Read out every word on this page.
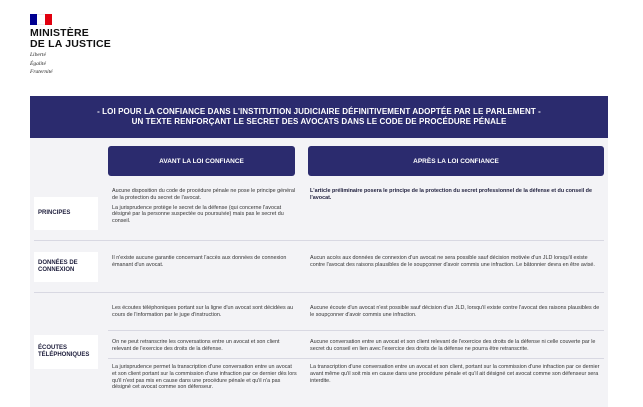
MINISTÈRE
DE LA JUSTICE
Liberté
Égalité
Fraternité
- LOI POUR LA CONFIANCE DANS L'INSTITUTION JUDICIAIRE DÉFINITIVEMENT ADOPTÉE PAR LE PARLEMENT -
UN TEXTE RENFORÇANT LE SECRET DES AVOCATS DANS LE CODE DE PROCÉDURE PÉNALE
AVANT LA LOI CONFIANCE	APRÈS LA LOI CONFIANCE
PRINCIPES

Aucune disposition du code de procédure pénale ne pose le principe général de la protection du secret de l'avocat.

La jurisprudence protège le secret de la défense (qui concerne l'avocat désigné par la personne suspectée ou poursuivie) mais pas le secret du conseil.

L'article préliminaire posera le principe de la protection du secret professionnel de la défense et du conseil de l'avocat.

DONNÉES DE
CONNEXION

Il n'existe aucune garantie concernant l'accès aux données de connexion émanant d'un avocat.

Aucun accès aux données de connexion d'un avocat ne sera possible sauf décision motivée d'un JLD lorsqu'il existe contre l'avocat des raisons plausibles de le soupçonner d'avoir commis une infraction. Le bâtonnier devra en être avisé.

ÉCOUTES
TÉLÉPHONIQUES

Les écoutes téléphoniques portant sur la ligne d'un avocat sont décidées au cours de l'information par le juge d'instruction.

Aucune écoute d'un avocat n'est possible sauf décision d'un JLD, lorsqu'il existe contre l'avocat des raisons plausibles de le soupçonner d'avoir commis une infraction.

On ne peut retranscrire les conversations entre un avocat et son client relevant de l'exercice des droits de la défense.

Aucune conversation entre un avocat et son client relevant de l'exercice des droits de la défense ni celle couverte par le secret du conseil en lien avec l'exercice des droits de la défense ne pourra être retranscrite.

La jurisprudence permet la transcription d'une conversation entre un avocat et son client portant sur la commission d'une infraction par ce dernier dès lors qu'il n'est pas mis en cause dans une procédure pénale et qu'il n'a pas désigné cet avocat comme son défenseur.

La transcription d'une conversation entre un avocat et son client, portant sur la commission d'une infraction par ce dernier avant même qu'il soit mis en cause dans une procédure pénale et qu'il ait désigné cet avocat comme son défenseur sera interdite.
